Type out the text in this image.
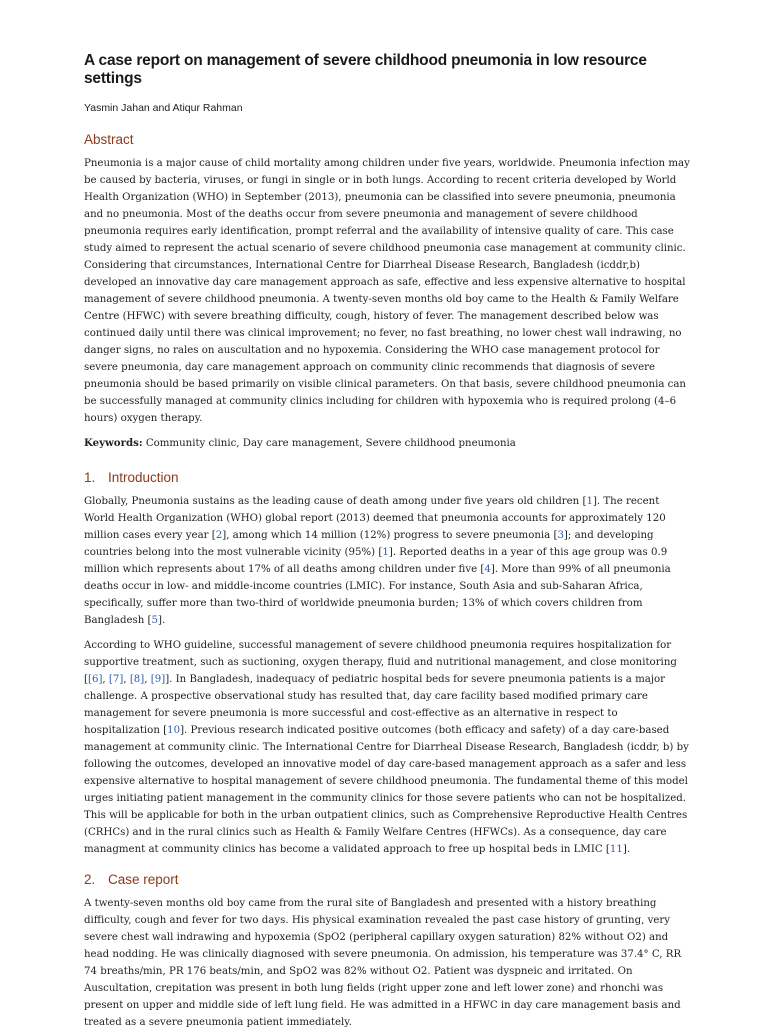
A case report on management of severe childhood pneumonia in low resource settings
Yasmin Jahan and Atiqur Rahman
Abstract

Pneumonia is a major cause of child mortality among children under five years, worldwide. Pneumonia infection may be caused by bacteria, viruses, or fungi in single or in both lungs. According to recent criteria developed by World Health Organization (WHO) in September (2013), pneumonia can be classified into severe pneumonia, pneumonia and no pneumonia. Most of the deaths occur from severe pneumonia and management of severe childhood pneumonia requires early identification, prompt referral and the availability of intensive quality of care. This case study aimed to represent the actual scenario of severe childhood pneumonia case management at community clinic. Considering that circumstances, International Centre for Diarrheal Disease Research, Bangladesh (icddr,b) developed an innovative day care management approach as safe, effective and less expensive alternative to hospital management of severe childhood pneumonia. A twenty-seven months old boy came to the Health & Family Welfare Centre (HFWC) with severe breathing difficulty, cough, history of fever. The management described below was continued daily until there was clinical improvement; no fever, no fast breathing, no lower chest wall indrawing, no danger signs, no rales on auscultation and no hypoxemia. Considering the WHO case management protocol for severe pneumonia, day care management approach on community clinic recommends that diagnosis of severe pneumonia should be based primarily on visible clinical parameters. On that basis, severe childhood pneumonia can be successfully managed at community clinics including for children with hypoxemia who is required prolong (4–6 hours) oxygen therapy.

Keywords: Community clinic, Day care management, Severe childhood pneumonia
1. Introduction

Globally, Pneumonia sustains as the leading cause of death among under five years old children [1]. The recent World Health Organization (WHO) global report (2013) deemed that pneumonia accounts for approximately 120 million cases every year [2], among which 14 million (12%) progress to severe pneumonia [3]; and developing countries belong into the most vulnerable vicinity (95%) [1]. Reported deaths in a year of this age group was 0.9 million which represents about 17% of all deaths among children under five [4]. More than 99% of all pneumonia deaths occur in low- and middle-income countries (LMIC). For instance, South Asia and sub-Saharan Africa, specifically, suffer more than two-third of worldwide pneumonia burden; 13% of which covers children from Bangladesh [5].

According to WHO guideline, successful management of severe childhood pneumonia requires hospitalization for supportive treatment, such as suctioning, oxygen therapy, fluid and nutritional management, and close monitoring [[6], [7], [8], [9]]. In Bangladesh, inadequacy of pediatric hospital beds for severe pneumonia patients is a major challenge. A prospective observational study has resulted that, day care facility based modified primary care management for severe pneumonia is more successful and cost-effective as an alternative in respect to hospitalization [10]. Previous research indicated positive outcomes (both efficacy and safety) of a day care-based management at community clinic. The International Centre for Diarrheal Disease Research, Bangladesh (icddr, b) by following the outcomes, developed an innovative model of day care-based management approach as a safer and less expensive alternative to hospital management of severe childhood pneumonia. The fundamental theme of this model urges initiating patient management in the community clinics for those severe patients who can not be hospitalized. This will be applicable for both in the urban outpatient clinics, such as Comprehensive Reproductive Health Centres (CRHCs) and in the rural clinics such as Health & Family Welfare Centres (HFWCs). As a consequence, day care managment at community clinics has become a validated approach to free up hospital beds in LMIC [11].

2. Case report

A twenty-seven months old boy came from the rural site of Bangladesh and presented with a history breathing difficulty, cough and fever for two days. His physical examination revealed the past case history of grunting, very severe chest wall indrawing and hypoxemia (SpO2 (peripheral capillary oxygen saturation) 82% without O2) and head nodding. He was clinically diagnosed with severe pneumonia. On admission, his temperature was 37.4° C, RR 74 breaths/min, PR 176 beats/min, and SpO2 was 82% without O2. Patient was dyspneic and irritated. On Auscultation, crepitation was present in both lung fields (right upper zone and left lower zone) and rhonchi was present on upper and middle side of left lung field. He was admitted in a HFWC in day care management basis and treated as a severe pneumonia patient immediately.
